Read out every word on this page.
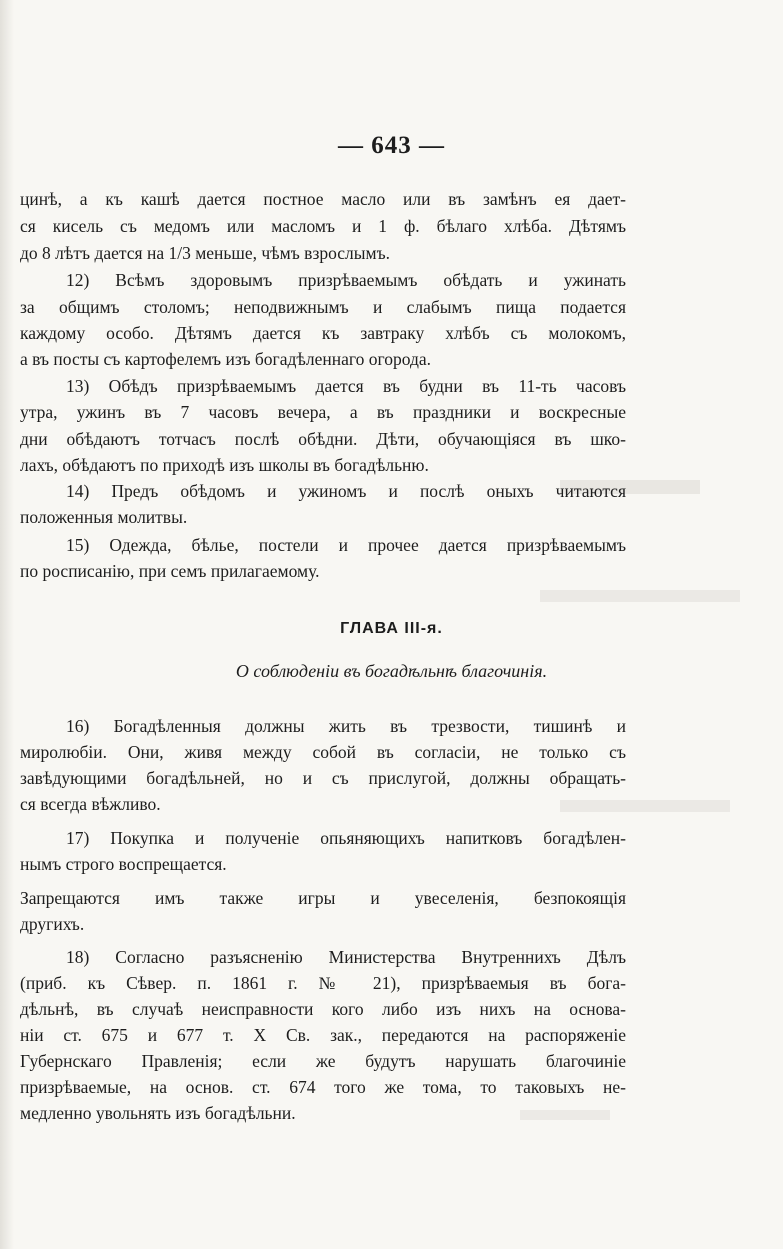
— 643 —
цинѣ, а къ кашѣ дается постное масло или въ замѣнъ ея дает-
ся кисель съ медомъ или масломъ и 1 ф. бѣлаго хлѣба. Дѣтямъ
до 8 лѣтъ дается на 1/3 меньше, чѣмъ взрослымъ.
12) Всѣмъ здоровымъ призрѣваемымъ обѣдать и ужинать
за общимъ столомъ; неподвижнымъ и слабымъ пища подается
каждому особо. Дѣтямъ дается къ завтраку хлѣбъ съ молокомъ,
а въ посты съ картофелемъ изъ богадѣленнаго огорода.
13) Обѣдъ призрѣваемымъ дается въ будни въ 11-ть часовъ
утра, ужинъ въ 7 часовъ вечера, а въ праздники и воскресные
дни обѣдаютъ тотчасъ послѣ обѣдни. Дѣти, обучающіяся въ шко-
лахъ, обѣдаютъ по приходѣ изъ школы въ богадѣльню.
14) Предъ обѣдомъ и ужиномъ и послѣ оныхъ читаются
положенныя молитвы.
15) Одежда, бѣлье, постели и прочее дается призрѣваемымъ
по росписанію, при семъ прилагаемому.
ГЛАВА III-я.
О соблюденіи въ богадѣльнѣ благочинія.
16) Богадѣленныя должны жить въ трезвости, тишинѣ и
миролюбіи. Они, живя между собой въ согласіи, не только съ
завѣдующими богадѣльней, но и съ прислугой, должны обращать-
ся всегда вѣжливо.
17) Покупка и полученіе опьяняющихъ напитковъ богадѣлен-
нымъ строго воспрещается.
Запрещаются имъ также игры и увеселенія, безпокоящія
другихъ.
18) Согласно разъясненію Министерства Внутреннихъ Дѣлъ
(приб. къ Сѣвер. п. 1861 г. № 21), призрѣваемыя въ бога-
дѣльнѣ, въ случаѣ неисправности кого либо изъ нихъ на основа-
ніи ст. 675 и 677 т. X Св. зак., передаются на распоряженіе
Губернскаго Правленія; если же будутъ нарушать благочиніе
призрѣваемые, на основ. ст. 674 того же тома, то таковыхъ не-
медленно увольнять изъ богадѣльни.
